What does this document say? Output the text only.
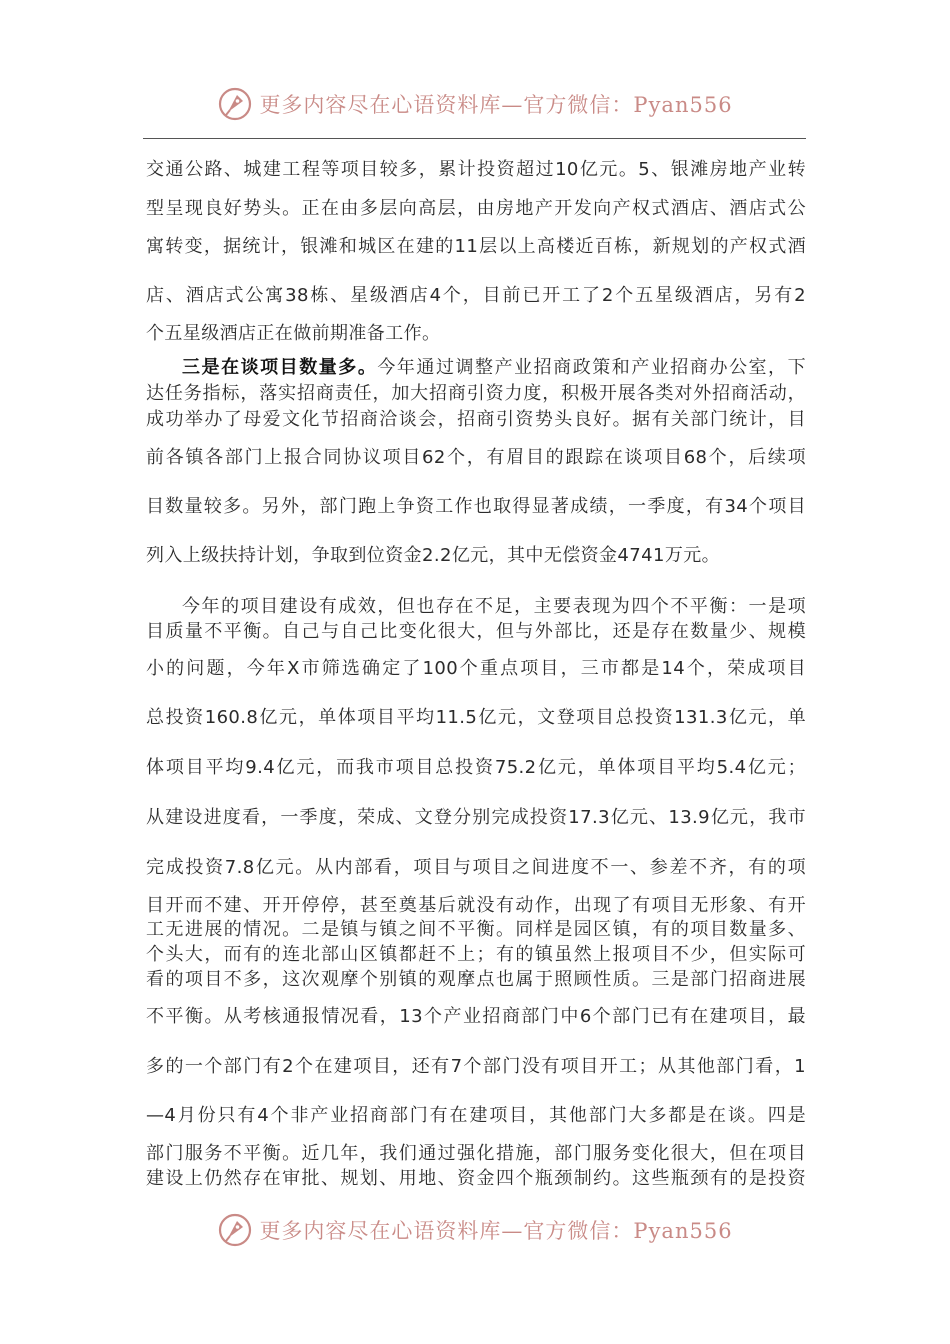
更多内容尽在心语资料库—官方微信：Pyan556
交通公路、城建工程等项目较多，累计投资超过10亿元。5、银滩房地产业转
型呈现良好势头。正在由多层向高层，由房地产开发向产权式酒店、酒店式公
寓转变，据统计，银滩和城区在建的11层以上高楼近百栋，新规划的产权式酒
店、酒店式公寓38栋、星级酒店4个，目前已开工了2个五星级酒店，另有2
个五星级酒店正在做前期准备工作。
三是在谈项目数量多。今年通过调整产业招商政策和产业招商办公室，下
达任务指标，落实招商责任，加大招商引资力度，积极开展各类对外招商活动，
成功举办了母爱文化节招商洽谈会，招商引资势头良好。据有关部门统计，目
前各镇各部门上报合同协议项目62个，有眉目的跟踪在谈项目68个，后续项
目数量较多。另外，部门跑上争资工作也取得显著成绩，一季度，有34个项目
列入上级扶持计划，争取到位资金2.2亿元，其中无偿资金4741万元。
今年的项目建设有成效，但也存在不足，主要表现为四个不平衡：一是项
目质量不平衡。自己与自己比变化很大，但与外部比，还是存在数量少、规模
小的问题，今年X市筛选确定了100个重点项目，三市都是14个，荣成项目
总投资160.8亿元，单体项目平均11.5亿元，文登项目总投资131.3亿元，单
体项目平均9.4亿元，而我市项目总投资75.2亿元，单体项目平均5.4亿元；
从建设进度看，一季度，荣成、文登分别完成投资17.3亿元、13.9亿元，我市
完成投资7.8亿元。从内部看，项目与项目之间进度不一、参差不齐，有的项
目开而不建、开开停停，甚至奠基后就没有动作，出现了有项目无形象、有开
工无进展的情况。二是镇与镇之间不平衡。同样是园区镇，有的项目数量多、
个头大，而有的连北部山区镇都赶不上；有的镇虽然上报项目不少，但实际可
看的项目不多，这次观摩个别镇的观摩点也属于照顾性质。三是部门招商进展
不平衡。从考核通报情况看，13个产业招商部门中6个部门已有在建项目，最
多的一个部门有2个在建项目，还有7个部门没有项目开工；从其他部门看，1
—4月份只有4个非产业招商部门有在建项目，其他部门大多都是在谈。四是
部门服务不平衡。近几年，我们通过强化措施，部门服务变化很大，但在项目
建设上仍然存在审批、规划、用地、资金四个瓶颈制约。这些瓶颈有的是投资
更多内容尽在心语资料库—官方微信：Pyan556
